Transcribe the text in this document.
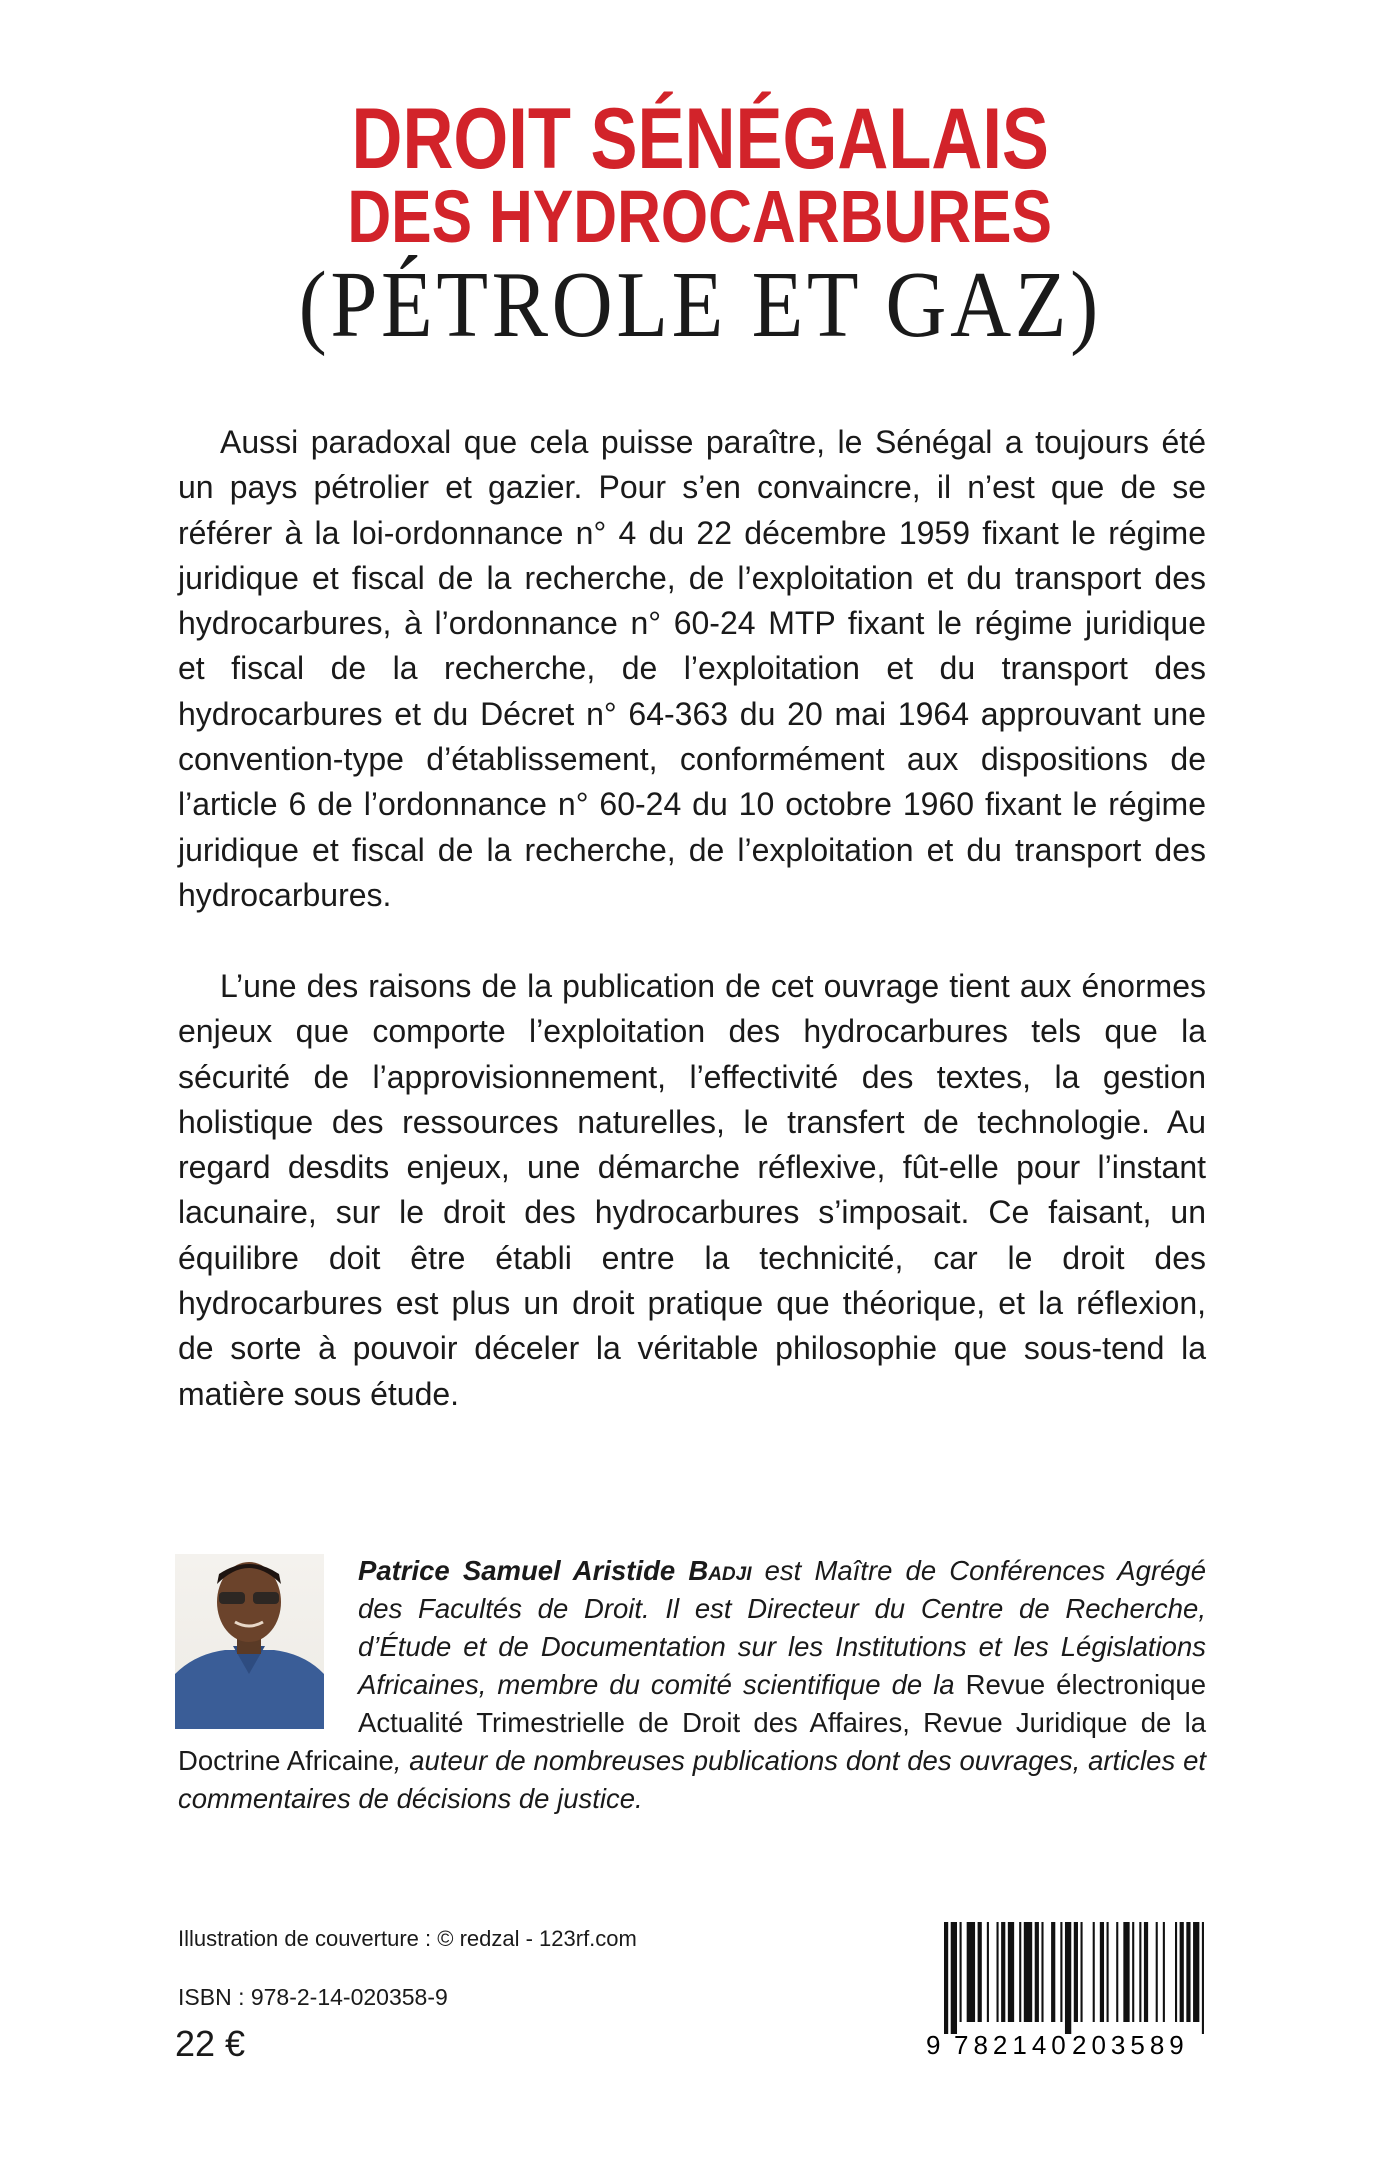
DROIT SÉNÉGALAIS
DES HYDROCARBURES
(PÉTROLE ET GAZ)

Aussi paradoxal que cela puisse paraître, le Sénégal a toujours été un pays pétrolier et gazier. Pour s’en convaincre, il n’est que de se référer à la loi-ordonnance n° 4 du 22 décembre 1959 fixant le régime juridique et fiscal de la recherche, de l’exploitation et du transport des hydrocarbures, à l’ordonnance n° 60-24 MTP fixant le régime juridique et fiscal de la recherche, de l’exploitation et du transport des hydrocarbures et du Décret n° 64-363 du 20 mai 1964 approuvant une convention-type d’établissement, conformément aux dispositions de l’article 6 de l’ordonnance n° 60-24 du 10 octobre 1960 fixant le régime juridique et fiscal de la recherche, de l’exploitation et du transport des hydrocarbures.

L’une des raisons de la publication de cet ouvrage tient aux énormes enjeux que comporte l’exploitation des hydrocarbures tels que la sécurité de l’approvisionnement, l’effectivité des textes, la gestion holistique des ressources naturelles, le transfert de technologie. Au regard desdits enjeux, une démarche réflexive, fût-elle pour l’instant lacunaire, sur le droit des hydrocarbures s’imposait. Ce faisant, un équilibre doit être établi entre la technicité, car le droit des hydrocarbures est plus un droit pratique que théorique, et la réflexion, de sorte à pouvoir déceler la véritable philosophie que sous-tend la matière sous étude.

Patrice Samuel Aristide Badji est Maître de Conférences Agrégé des Facultés de Droit. Il est Directeur du Centre de Recherche, d’Étude et de Documentation sur les Institutions et les Législations Africaines, membre du comité scientifique de la Revue électronique Actualité Trimestrielle de Droit des Affaires, Revue Juridique de la Doctrine Africaine, auteur de nombreuses publications dont des ouvrages, articles et commentaires de décisions de justice.

Illustration de couverture : © redzal - 123rf.com
ISBN : 978-2-14-020358-9
22 €	9 782140 203589
